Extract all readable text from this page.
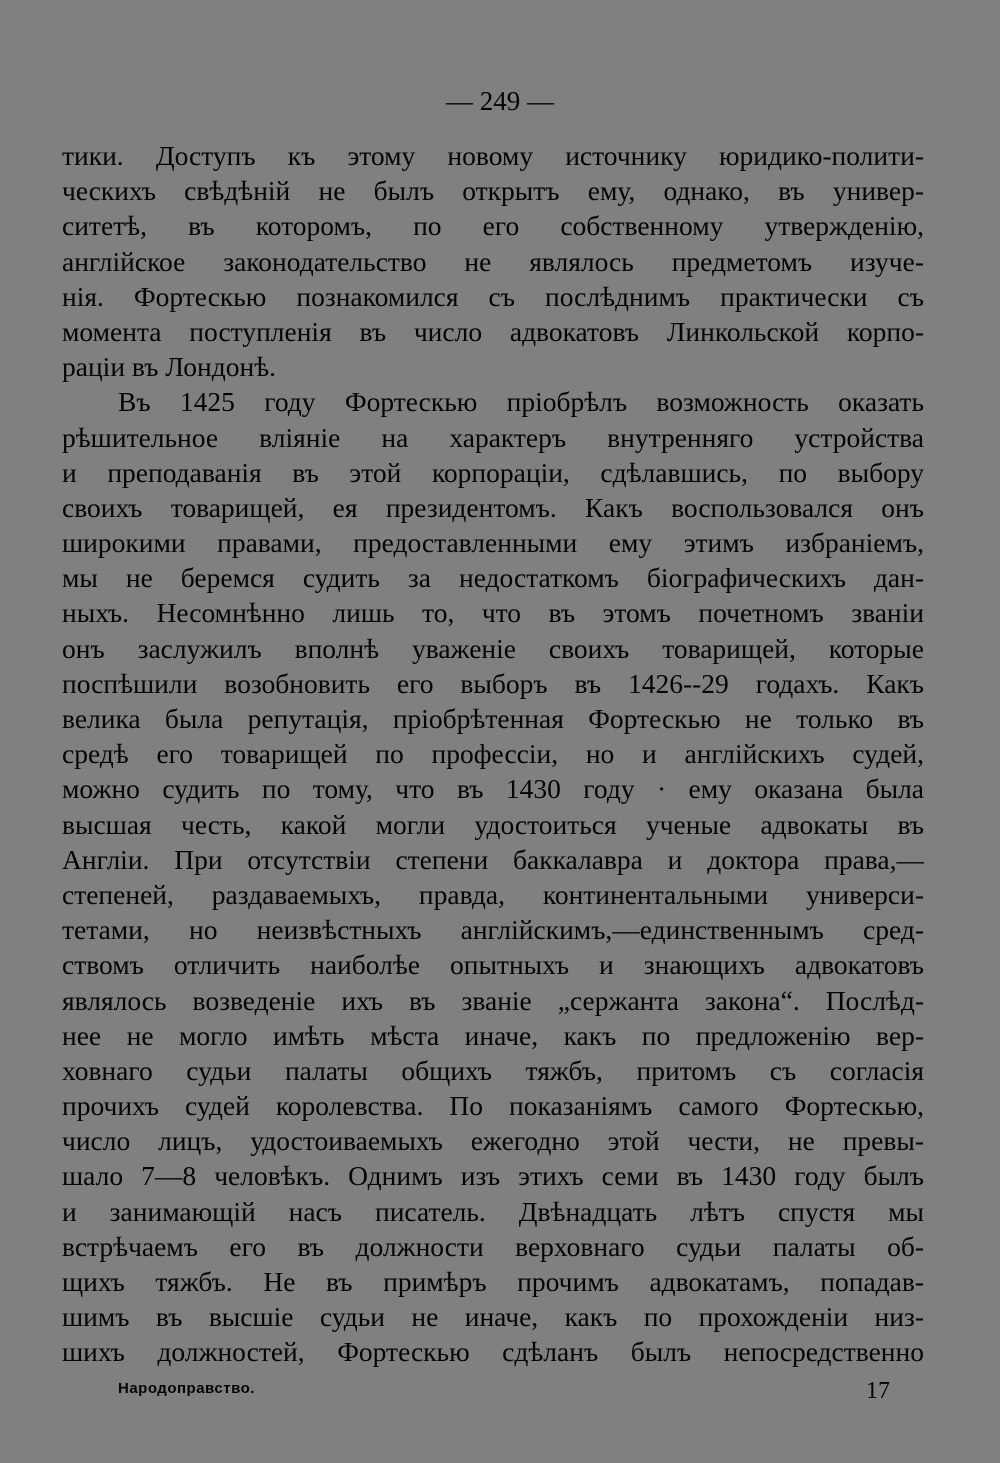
— 249 —
тики. Доступъ къ этому новому источнику юридико-полити-
ческихъ свѣдѣній не былъ открытъ ему, однако, въ универ-
ситетѣ, въ которомъ, по его собственному утвержденію,
англійское законодательство не являлось предметомъ изуче-
нія. Фортескью познакомился съ послѣднимъ практически съ
момента поступленія въ число адвокатовъ Линкольской корпо-
раціи въ Лондонѣ.
Въ 1425 году Фортескью пріобрѣлъ возможность оказать
рѣшительное вліяніе на характеръ внутренняго устройства
и преподаванія въ этой корпораціи, сдѣлавшись, по выбору
своихъ товарищей, ея президентомъ. Какъ воспользовался онъ
широкими правами, предоставленными ему этимъ избраніемъ,
мы не беремся судить за недостаткомъ біографическихъ дан-
ныхъ. Несомнѣнно лишь то, что въ этомъ почетномъ званіи
онъ заслужилъ вполнѣ уваженіе своихъ товарищей, которые
поспѣшили возобновить его выборъ въ 1426--29 годахъ. Какъ
велика была репутація, пріобрѣтенная Фортескью не только въ
средѣ его товарищей по профессіи, но и англійскихъ судей,
можно судить по тому, что въ 1430 году · ему оказана была
высшая честь, какой могли удостоиться ученые адвокаты въ
Англіи. При отсутствіи степени баккалавра и доктора права,—
степеней, раздаваемыхъ, правда, континентальными универси-
тетами, но неизвѣстныхъ англійскимъ,—единственнымъ сред-
ствомъ отличить наиболѣе опытныхъ и знающихъ адвокатовъ
являлось возведеніе ихъ въ званіе „сержанта закона“. Послѣд-
нее не могло имѣть мѣста иначе, какъ по предложенію вер-
ховнаго судьи палаты общихъ тяжбъ, притомъ съ согласія
прочихъ судей королевства. По показаніямъ самого Фортескью,
число лицъ, удостоиваемыхъ ежегодно этой чести, не превы-
шало 7—8 человѣкъ. Однимъ изъ этихъ семи въ 1430 году былъ
и занимающій насъ писатель. Двѣнадцать лѣтъ спустя мы
встрѣчаемъ его въ должности верховнаго судьи палаты об-
щихъ тяжбъ. Не въ примѣръ прочимъ адвокатамъ, попадав-
шимъ въ высшіе судьи не иначе, какъ по прохожденіи низ-
шихъ должностей, Фортескью сдѣланъ былъ непосредственно
Народоправство.	17
